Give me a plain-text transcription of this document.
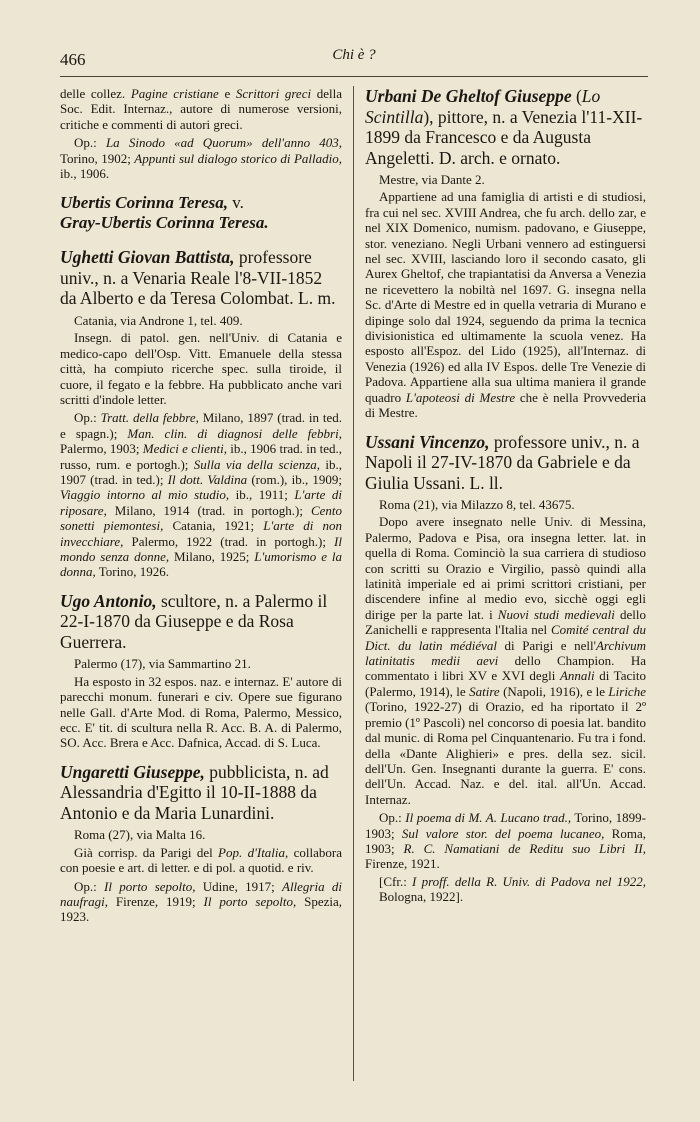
466	Chi è ?
delle collez. Pagine cristiane e Scrittori greci della Soc. Edit. Internaz., autore di numerose versioni, critiche e commenti di autori greci.
Op.: La Sinodo «ad Quorum» dell'anno 403, Torino, 1902; Appunti sul dialogo storico di Palladio, ib., 1906.
Ubertis Corinna Teresa, v.
Gray-Ubertis Corinna Teresa.
Ughetti Giovan Battista, professore univ., n. a Venaria Reale l'8-VII-1852 da Alberto e da Teresa Colombat. L. m.
Catania, via Androne 1, tel. 409.
Insegn. di patol. gen. nell'Univ. di Catania e medico-capo dell'Osp. Vitt. Emanuele della stessa città, ha compiuto ricerche spec. sulla tiroide, il cuore, il fegato e la febbre. Ha pubblicato anche vari scritti d'indole letter.
Op.: Tratt. della febbre, Milano, 1897 (trad. in ted. e spagn.); Man. clin. di diagnosi delle febbri, Palermo, 1903; Medici e clienti, ib., 1906 trad. in ted., russo, rum. e portogh.); Sulla via della scienza, ib., 1907 (trad. in ted.); Il dott. Valdina (rom.), ib., 1909; Viaggio intorno al mio studio, ib., 1911; L'arte di riposare, Milano, 1914 (trad. in portogh.); Cento sonetti piemontesi, Catania, 1921; L'arte di non invecchiare, Palermo, 1922 (trad. in portogh.); Il mondo senza donne, Milano, 1925; L'umorismo e la donna, Torino, 1926.
Ugo Antonio, scultore, n. a Palermo il 22-I-1870 da Giuseppe e da Rosa Guerrera.
Palermo (17), via Sammartino 21.
Ha esposto in 32 espos. naz. e internaz. E' autore di parecchi monum. funerari e civ. Opere sue figurano nelle Gall. d'Arte Mod. di Roma, Palermo, Messico, ecc. E' tit. di scultura nella R. Acc. B. A. di Palermo, SO. Acc. Brera e Acc. Dafnica, Accad. di S. Luca.
Ungaretti Giuseppe, pubblicista, n. ad Alessandria d'Egitto il 10-II-1888 da Antonio e da Maria Lunardini.
Roma (27), via Malta 16.
Già corrisp. da Parigi del Pop. d'Italia, collabora con poesie e art. di letter. e di pol. a quotid. e riv.
Op.: Il porto sepolto, Udine, 1917; Allegria di naufragi, Firenze, 1919; Il porto sepolto, Spezia, 1923.
Urbani De Gheltof Giuseppe (Lo Scintilla), pittore, n. a Venezia l'11-XII-1899 da Francesco e da Augusta Angeletti. D. arch. e ornato.
Mestre, via Dante 2.
Appartiene ad una famiglia di artisti e di studiosi, fra cui nel sec. XVIII Andrea, che fu arch. dello zar, e nel XIX Domenico, numism. padovano, e Giuseppe, stor. veneziano. Negli Urbani vennero ad estinguersi nel sec. XVIII, lasciando loro il secondo casato, gli Aurex Gheltof, che trapiantatisi da Anversa a Venezia ne ricevettero la nobiltà nel 1697. G. insegna nella Sc. d'Arte di Mestre ed in quella vetraria di Murano e dipinge solo dal 1924, seguendo da prima la tecnica divisionistica ed ultimamente la scuola venez. Ha esposto all'Espoz. del Lido (1925), all'Internaz. di Venezia (1926) ed alla IV Espos. delle Tre Venezie di Padova. Appartiene alla sua ultima maniera il grande quadro L'apoteosi di Mestre che è nella Provvederia di Mestre.
Ussani Vincenzo, professore univ., n. a Napoli il 27-IV-1870 da Gabriele e da Giulia Ussani. L. ll.
Roma (21), via Milazzo 8, tel. 43675.
Dopo avere insegnato nelle Univ. di Messina, Palermo, Padova e Pisa, ora insegna letter. lat. in quella di Roma. Cominciò la sua carriera di studioso con scritti su Orazio e Virgilio, passò quindi alla latinità imperiale ed ai primi scrittori cristiani, per discendere infine al medio evo, sicchè oggi egli dirige per la parte lat. i Nuovi studi medievali dello Zanichelli e rappresenta l'Italia nel Comité central du Dict. du latin médiéval di Parigi e nell'Archivum latinitatis medii aevi dello Champion. Ha commentato i libri XV e XVI degli Annali di Tacito (Palermo, 1914), le Satire (Napoli, 1916), e le Liriche (Torino, 1922-27) di Orazio, ed ha riportato il 2º premio (1º Pascoli) nel concorso di poesia lat. bandito dal munic. di Roma pel Cinquantenario. Fu tra i fond. della «Dante Alighieri» e pres. della sez. sicil. dell'Un. Gen. Insegnanti durante la guerra. E' cons. dell'Un. Accad. Naz. e del. ital. all'Un. Accad. Internaz.
Op.: Il poema di M. A. Lucano trad., Torino, 1899-1903; Sul valore stor. del poema lucaneo, Roma, 1903; R. C. Namatiani de Reditu suo Libri II, Firenze, 1921.
[Cfr.: I proff. della R. Univ. di Padova nel 1922, Bologna, 1922].
